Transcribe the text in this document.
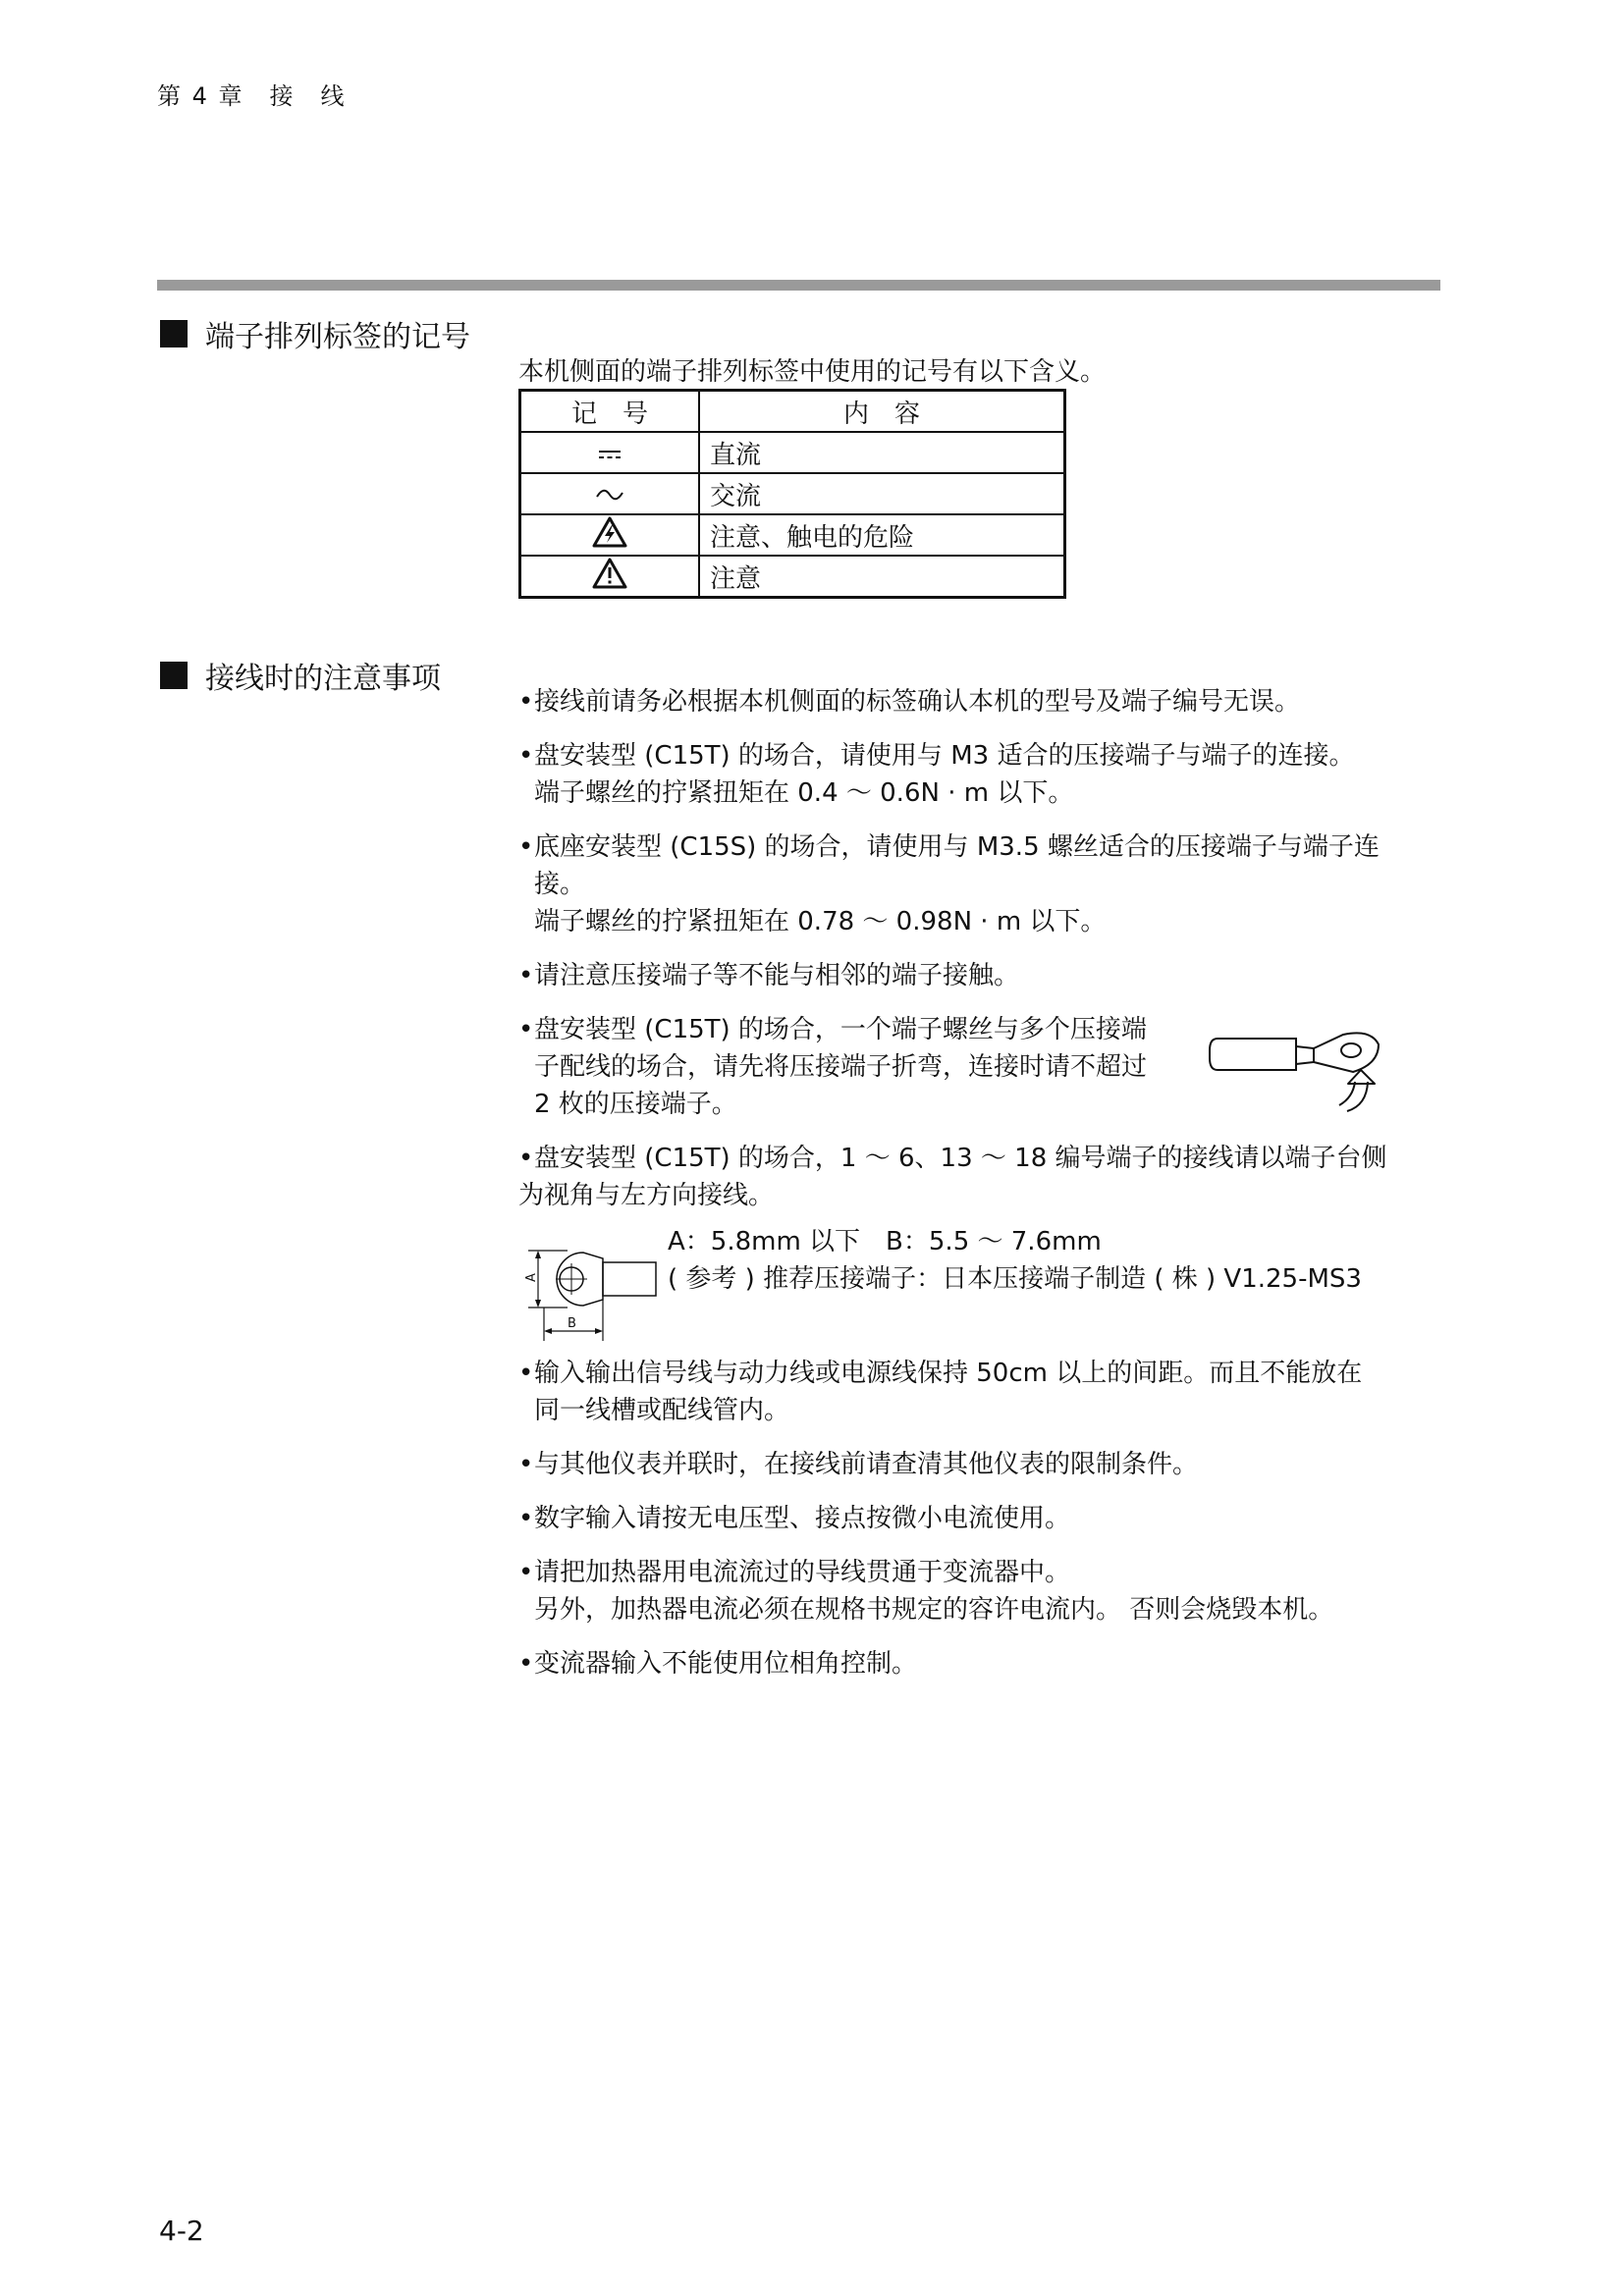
第 4 章　接　线
端子排列标签的记号
本机侧面的端子排列标签中使用的记号有以下含义。
记　号	内　容
	直流
	交流
	注意、触电的危险
	注意
接线时的注意事项

• 接线前请务必根据本机侧面的标签确认本机的型号及端子编号无误。

• 盘安装型 (C15T) 的场合，请使用与 M3 适合的压接端子与端子的连接。

端子螺丝的拧紧扭矩在 0.4 ～ 0.6N · m 以下。

• 底座安装型 (C15S) 的场合，请使用与 M3.5 螺丝适合的压接端子与端子连

接。

端子螺丝的拧紧扭矩在 0.78 ～ 0.98N · m 以下。

• 请注意压接端子等不能与相邻的端子接触。

• 盘安装型 (C15T) 的场合，一个端子螺丝与多个压接端

子配线的场合，请先将压接端子折弯，连接时请不超过

2 枚的压接端子。

• 盘安装型 (C15T) 的场合，1 ～ 6、13 ～ 18 编号端子的接线请以端子台侧

为视角与左方向接线。

A
B
A：5.8mm 以下　B：5.5 ～ 7.6mm
( 参考 ) 推荐压接端子：日本压接端子制造 ( 株 ) V1.25-MS3

• 输入输出信号线与动力线或电源线保持 50cm 以上的间距。而且不能放在

同一线槽或配线管内。

• 与其他仪表并联时，在接线前请查清其他仪表的限制条件。

• 数字输入请按无电压型、接点按微小电流使用。

• 请把加热器用电流流过的导线贯通于变流器中。

另外，加热器电流必须在规格书规定的容许电流内。 否则会烧毁本机。

• 变流器输入不能使用位相角控制。

4-2
